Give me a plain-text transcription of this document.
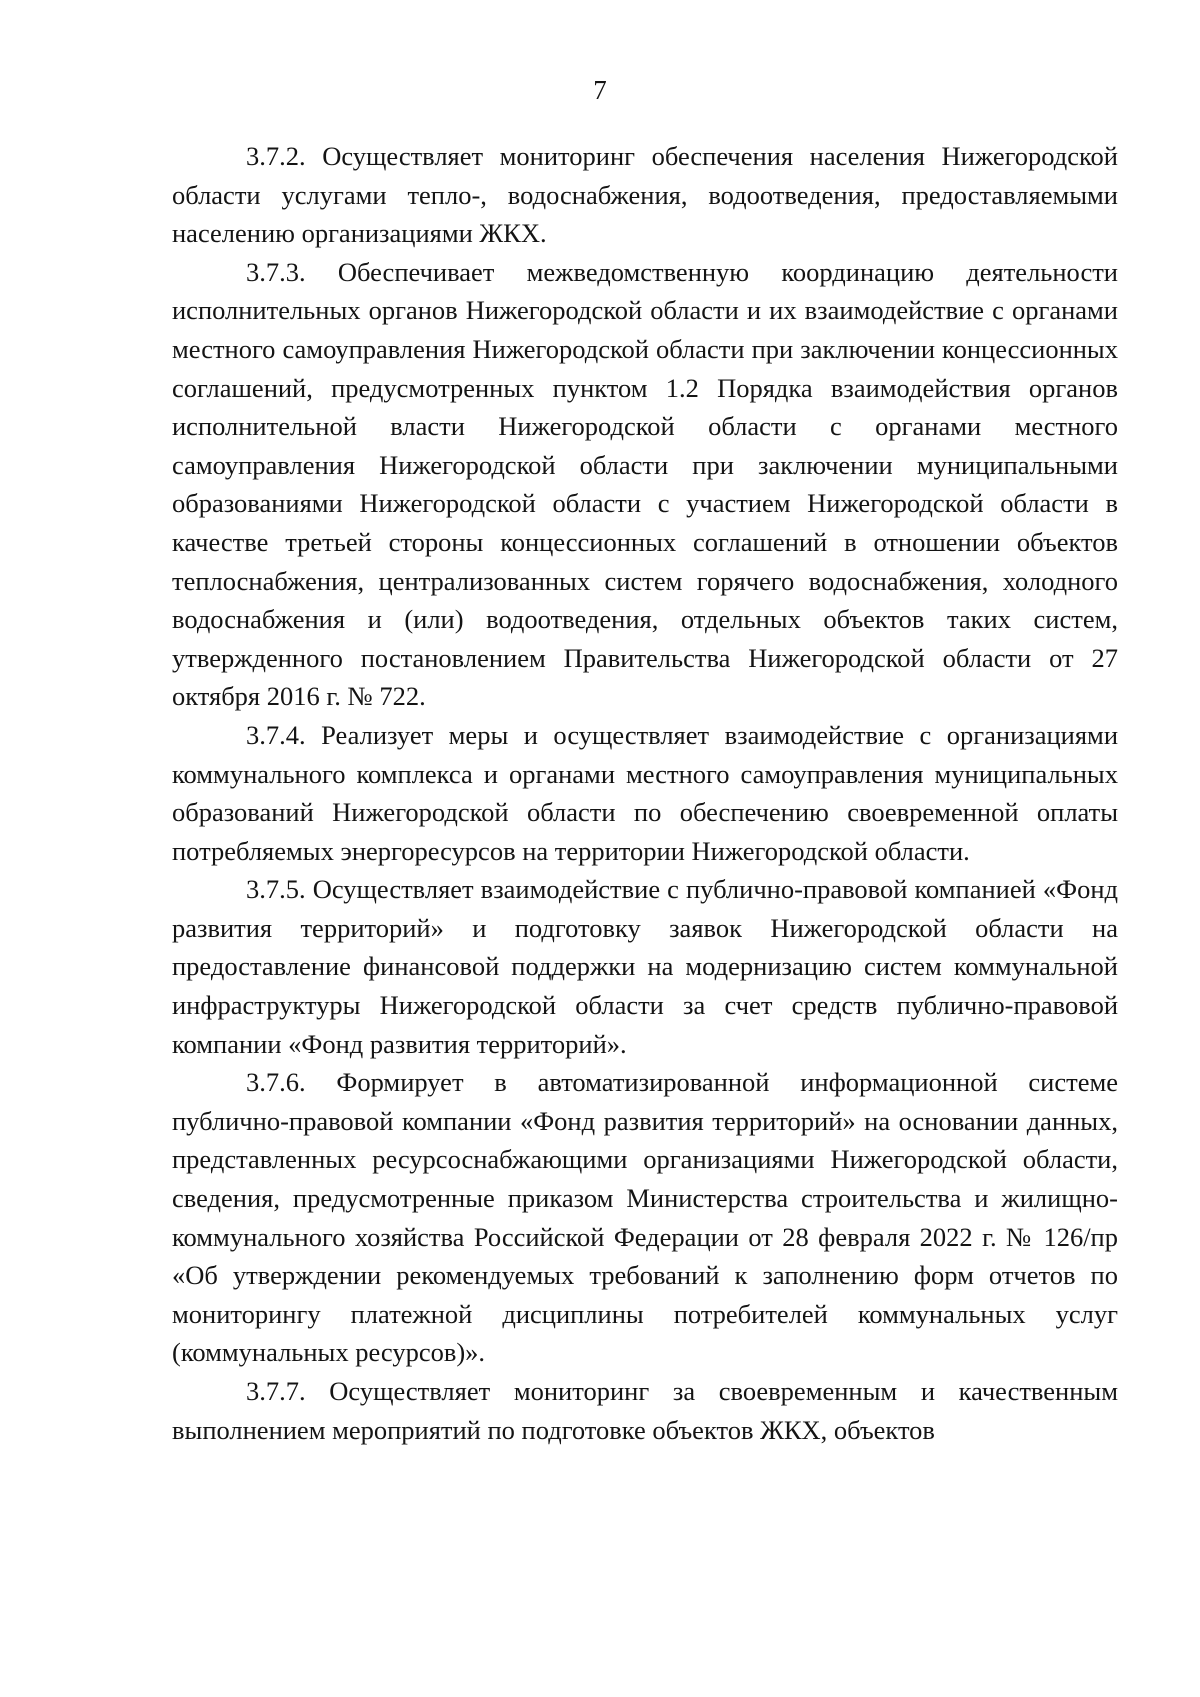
7

3.7.2. Осуществляет мониторинг обеспечения населения Нижегородской области услугами тепло-, водоснабжения, водоотведения, предоставляемыми населению организациями ЖКХ.

3.7.3. Обеспечивает межведомственную координацию деятельности исполнительных органов Нижегородской области и их взаимодействие с органами местного самоуправления Нижегородской области при заключении концессионных соглашений, предусмотренных пунктом 1.2 Порядка взаимодействия органов исполнительной власти Нижегородской области с органами местного самоуправления Нижегородской области при заключении муниципальными образованиями Нижегородской области с участием Нижегородской области в качестве третьей стороны концессионных соглашений в отношении объектов теплоснабжения, централизованных систем горячего водоснабжения, холодного водоснабжения и (или) водоотведения, отдельных объектов таких систем, утвержденного постановлением Правительства Нижегородской области от 27 октября 2016 г. № 722.

3.7.4. Реализует меры и осуществляет взаимодействие с организациями коммунального комплекса и органами местного самоуправления муниципальных образований Нижегородской области по обеспечению своевременной оплаты потребляемых энергоресурсов на территории Нижегородской области.

3.7.5. Осуществляет взаимодействие с публично-правовой компанией «Фонд развития территорий» и подготовку заявок Нижегородской области на предоставление финансовой поддержки на модернизацию систем коммунальной инфраструктуры Нижегородской области за счет средств публично-правовой компании «Фонд развития территорий».

3.7.6. Формирует в автоматизированной информационной системе публично-правовой компании «Фонд развития территорий» на основании данных, представленных ресурсоснабжающими организациями Нижегородской области, сведения, предусмотренные приказом Министерства строительства и жилищно-коммунального хозяйства Российской Федерации от 28 февраля 2022 г. № 126/пр «Об утверждении рекомендуемых требований к заполнению форм отчетов по мониторингу платежной дисциплины потребителей коммунальных услуг (коммунальных ресурсов)».

3.7.7. Осуществляет мониторинг за своевременным и качественным выполнением мероприятий по подготовке объектов ЖКХ, объектов
